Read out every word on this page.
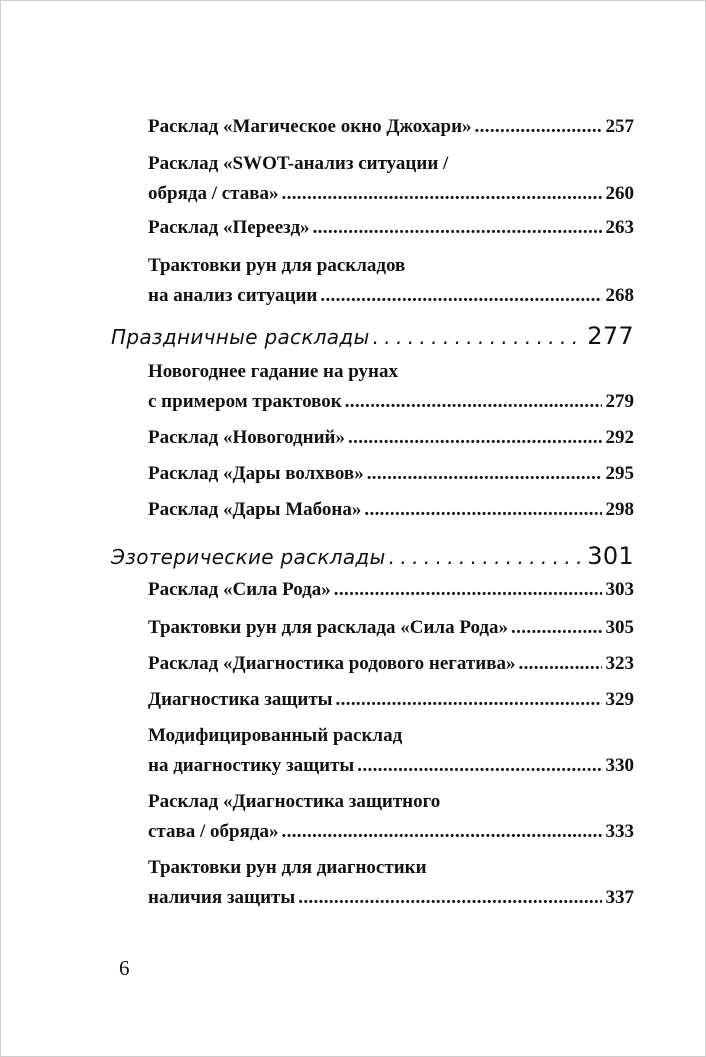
Расклад «Магическое окно Джохари» . . .	257
Расклад «SWOT-анализ ситуации /
обряда / става» . . .	260
Расклад «Переезд» . . .	263
Трактовки рун для раскладов
на анализ ситуации . . .	268
Праздничные расклады . . .	277
Новогоднее гадание на рунах
с примером трактовок . . .	279
Расклад «Новогодний» . . .	292
Расклад «Дары волхвов» . . .	295
Расклад «Дары Мабона» . . .	298
Эзотерические расклады . . .	301
Расклад «Сила Рода» . . .	303
Трактовки рун для расклада «Сила Рода» . . .	305
Расклад «Диагностика родового негатива» . . .	323
Диагностика защиты . . .	329
Модифицированный расклад
на диагностику защиты . . .	330
Расклад «Диагностика защитного
става / обряда» . . .	333
Трактовки рун для диагностики
наличия защиты . . .	337
6
